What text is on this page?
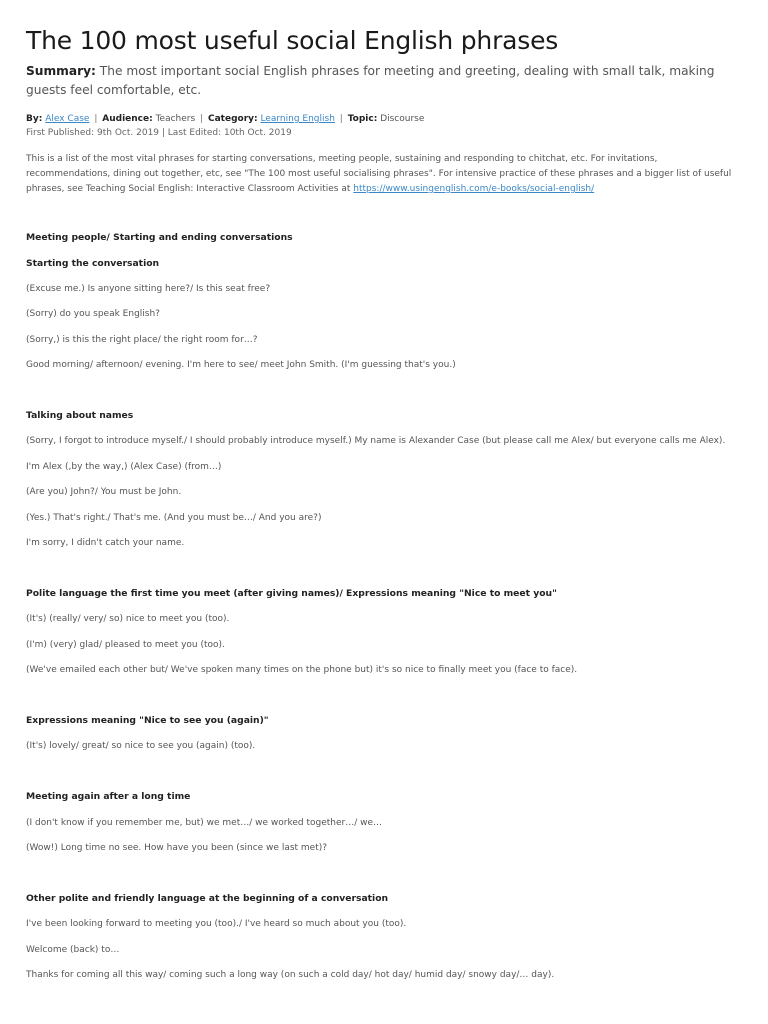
The 100 most useful social English phrases
Summary: The most important social English phrases for meeting and greeting, dealing with small talk, making guests feel comfortable, etc.
By: Alex Case | Audience: Teachers | Category: Learning English | Topic: Discourse
First Published: 9th Oct. 2019 | Last Edited: 10th Oct. 2019
This is a list of the most vital phrases for starting conversations, meeting people, sustaining and responding to chitchat, etc. For invitations, recommendations, dining out together, etc, see "The 100 most useful socialising phrases". For intensive practice of these phrases and a bigger list of useful phrases, see Teaching Social English: Interactive Classroom Activities at https://www.usingenglish.com/e-books/social-english/

Meeting people/ Starting and ending conversations

Starting the conversation

(Excuse me.) Is anyone sitting here?/ Is this seat free?

(Sorry) do you speak English?

(Sorry,) is this the right place/ the right room for…?

Good morning/ afternoon/ evening. I'm here to see/ meet John Smith. (I'm guessing that's you.)

Talking about names

(Sorry, I forgot to introduce myself./ I should probably introduce myself.) My name is Alexander Case (but please call me Alex/ but everyone calls me Alex).

I'm Alex (,by the way,) (Alex Case) (from…)

(Are you) John?/ You must be John.

(Yes.) That's right./ That's me. (And you must be…/ And you are?)

I'm sorry, I didn't catch your name.

Polite language the first time you meet (after giving names)/ Expressions meaning "Nice to meet you"

(It's) (really/ very/ so) nice to meet you (too).

(I'm) (very) glad/ pleased to meet you (too).

(We've emailed each other but/ We've spoken many times on the phone but) it's so nice to finally meet you (face to face).

Expressions meaning "Nice to see you (again)"

(It's) lovely/ great/ so nice to see you (again) (too).

Meeting again after a long time

(I don't know if you remember me, but) we met…/ we worked together…/ we…

(Wow!) Long time no see. How have you been (since we last met)?

Other polite and friendly language at the beginning of a conversation

I've been looking forward to meeting you (too)./ I've heard so much about you (too).

Welcome (back) to…

Thanks for coming all this way/ coming such a long way (on such a cold day/ hot day/ humid day/ snowy day/… day).
